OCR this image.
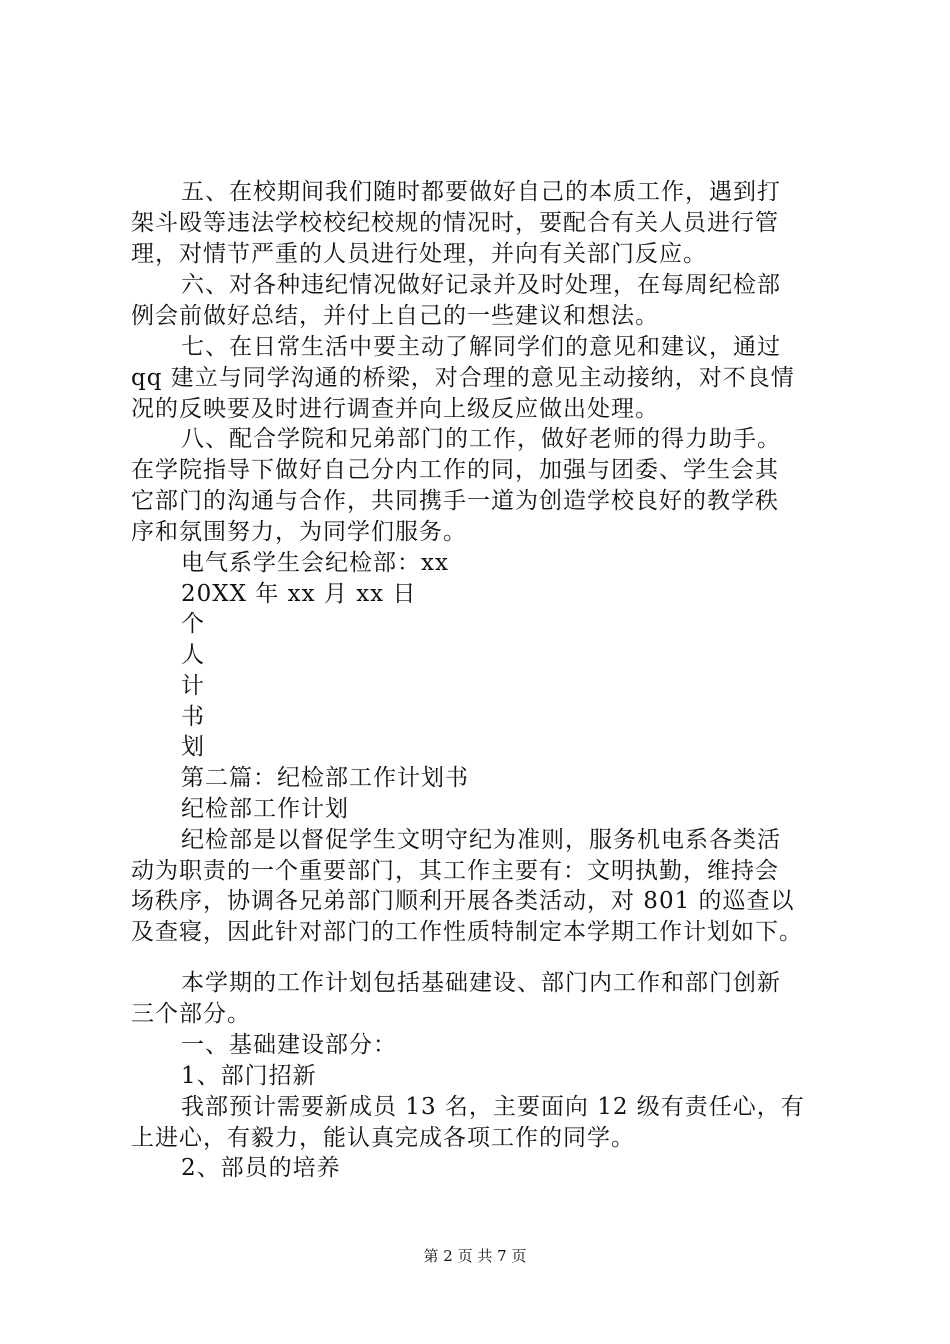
五、在校期间我们随时都要做好自己的本质工作，遇到打
架斗殴等违法学校校纪校规的情况时，要配合有关人员进行管
理，对情节严重的人员进行处理，并向有关部门反应。
六、对各种违纪情况做好记录并及时处理，在每周纪检部
例会前做好总结，并付上自己的一些建议和想法。
七、在日常生活中要主动了解同学们的意见和建议，通过
qq 建立与同学沟通的桥梁，对合理的意见主动接纳，对不良情
况的反映要及时进行调查并向上级反应做出处理。
八、配合学院和兄弟部门的工作，做好老师的得力助手。
在学院指导下做好自己分内工作的同，加强与团委、学生会其
它部门的沟通与合作，共同携手一道为创造学校良好的教学秩
序和氛围努力，为同学们服务。
电气系学生会纪检部：xx
20XX 年 xx 月 xx 日
个
人
计
书
划
第二篇：纪检部工作计划书
纪检部工作计划
纪检部是以督促学生文明守纪为准则，服务机电系各类活
动为职责的一个重要部门，其工作主要有：文明执勤，维持会
场秩序，协调各兄弟部门顺利开展各类活动，对 801 的巡查以
及查寝，因此针对部门的工作性质特制定本学期工作计划如下。
本学期的工作计划包括基础建设、部门内工作和部门创新
三个部分。
一、基础建设部分：
1、部门招新
我部预计需要新成员 13 名，主要面向 12 级有责任心，有
上进心，有毅力，能认真完成各项工作的同学。
2、部员的培养
第 2 页 共 7 页
